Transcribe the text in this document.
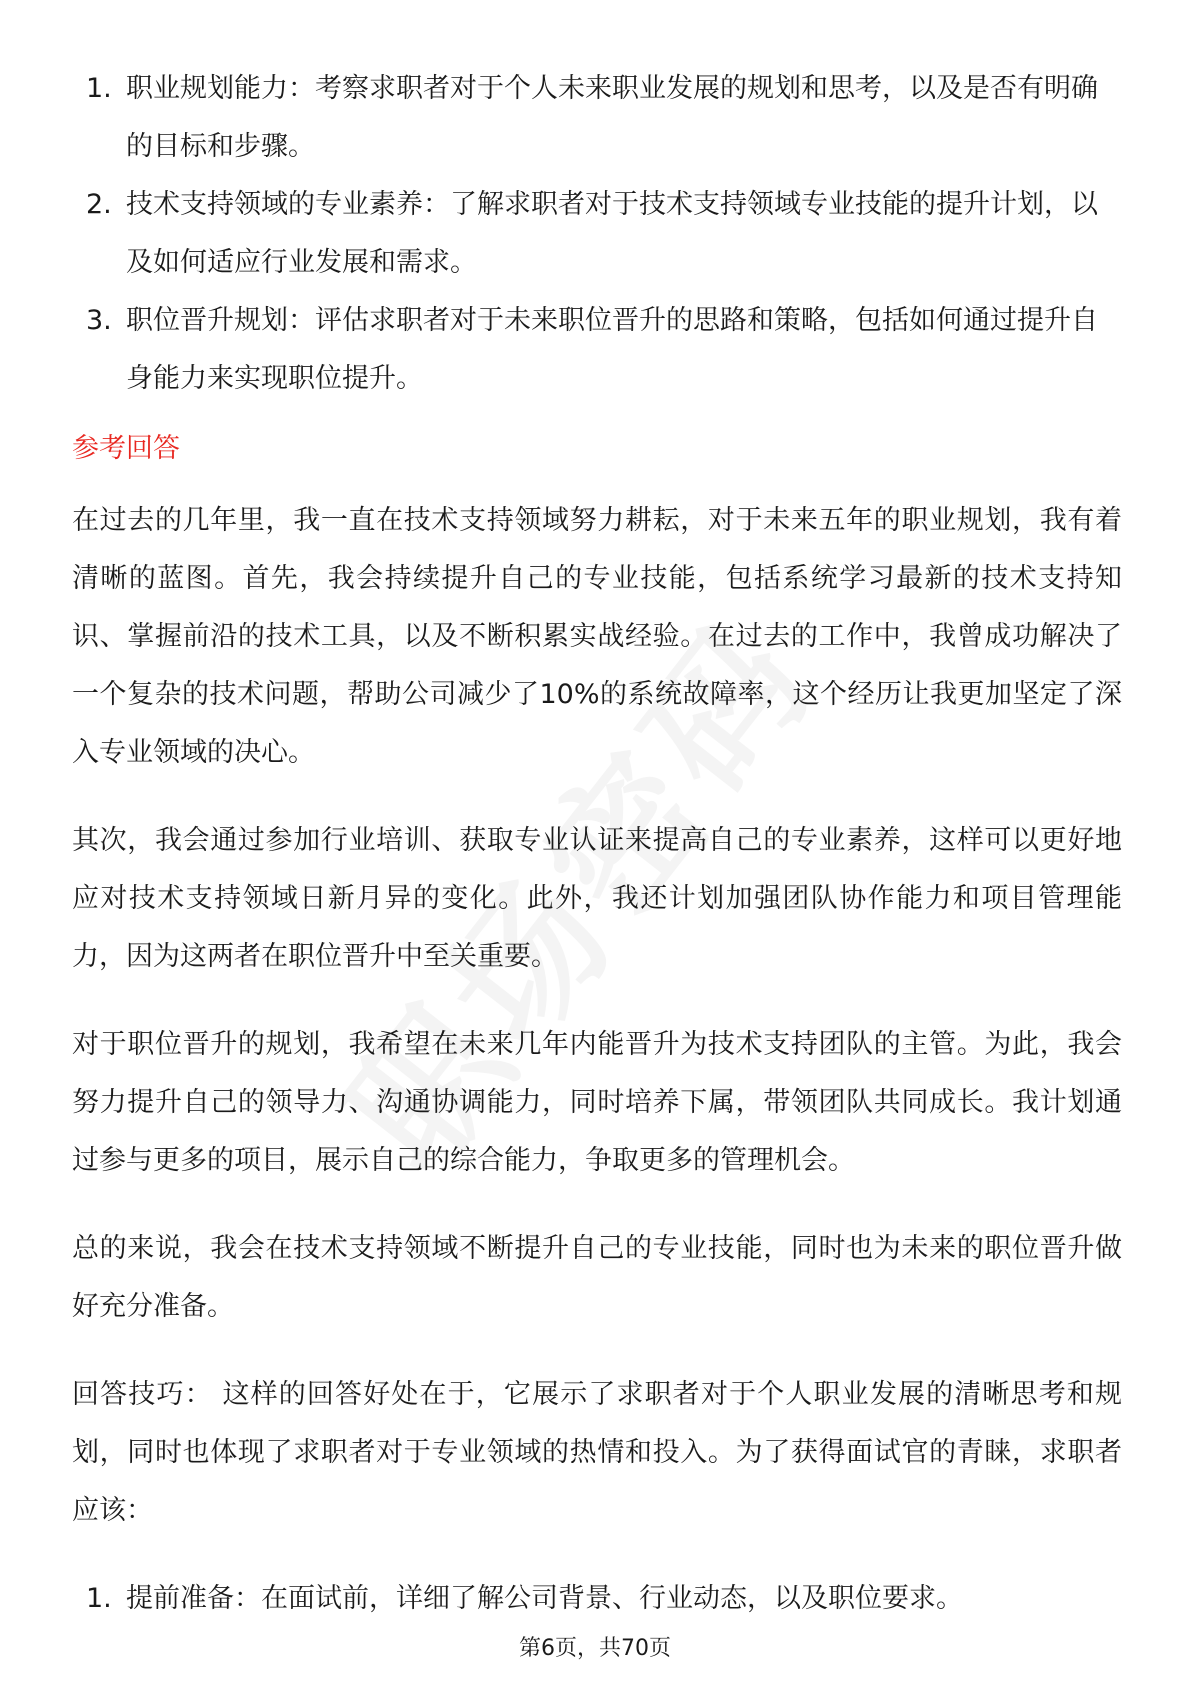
1. 职业规划能力：考察求职者对于个人未来职业发展的规划和思考，以及是否有明确的目标和步骤。
2. 技术支持领域的专业素养：了解求职者对于技术支持领域专业技能的提升计划，以及如何适应行业发展和需求。
3. 职位晋升规划：评估求职者对于未来职位晋升的思路和策略，包括如何通过提升自身能力来实现职位提升。
参考回答

在过去的几年里，我一直在技术支持领域努力耕耘，对于未来五年的职业规划，我有着清晰的蓝图。首先，我会持续提升自己的专业技能，包括系统学习最新的技术支持知识、掌握前沿的技术工具，以及不断积累实战经验。在过去的工作中，我曾成功解决了一个复杂的技术问题，帮助公司减少了10%的系统故障率，这个经历让我更加坚定了深入专业领域的决心。

其次，我会通过参加行业培训、获取专业认证来提高自己的专业素养，这样可以更好地应对技术支持领域日新月异的变化。此外，我还计划加强团队协作能力和项目管理能力，因为这两者在职位晋升中至关重要。

对于职位晋升的规划，我希望在未来几年内能晋升为技术支持团队的主管。为此，我会努力提升自己的领导力、沟通协调能力，同时培养下属，带领团队共同成长。我计划通过参与更多的项目，展示自己的综合能力，争取更多的管理机会。

总的来说，我会在技术支持领域不断提升自己的专业技能，同时也为未来的职位晋升做好充分准备。

回答技巧： 这样的回答好处在于，它展示了求职者对于个人职业发展的清晰思考和规划，同时也体现了求职者对于专业领域的热情和投入。为了获得面试官的青睐，求职者应该：

1. 提前准备：在面试前，详细了解公司背景、行业动态，以及职位要求。
第6页，共70页
